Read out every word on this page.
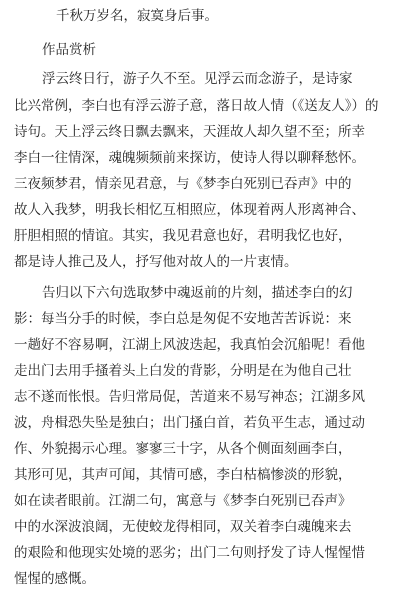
千秋万岁名，寂寞身后事。
作品赏析
浮云终日行，游子久不至。见浮云而念游子，是诗家
比兴常例，李白也有浮云游子意，落日故人情（《送友人》）的
诗句。天上浮云终日飘去飘来，天涯故人却久望不至；所幸
李白一往情深，魂魄频频前来探访，使诗人得以聊释愁怀。
三夜频梦君，情亲见君意，与《梦李白死别已吞声》中的
故人入我梦，明我长相忆互相照应，体现着两人形离神合、
肝胆相照的情谊。其实，我见君意也好，君明我忆也好，
都是诗人推己及人，抒写他对故人的一片衷情。
告归以下六句选取梦中魂返前的片刻，描述李白的幻
影：每当分手的时候，李白总是匆促不安地苦苦诉说：来
一趟好不容易啊，江湖上风波迭起，我真怕会沉船呢！看他
走出门去用手搔着头上白发的背影，分明是在为他自己壮
志不遂而怅恨。告归常局促，苦道来不易写神态；江湖多风
波，舟楫恐失坠是独白；出门搔白首，若负平生志，通过动
作、外貌揭示心理。寥寥三十字，从各个侧面刻画李白，
其形可见，其声可闻，其情可感，李白枯槁惨淡的形貌，
如在读者眼前。江湖二句，寓意与《梦李白死别已吞声》
中的水深波浪阔，无使蛟龙得相同，双关着李白魂魄来去
的艰险和他现实处境的恶劣；出门二句则抒发了诗人惺惺惜
惺惺的感慨。
